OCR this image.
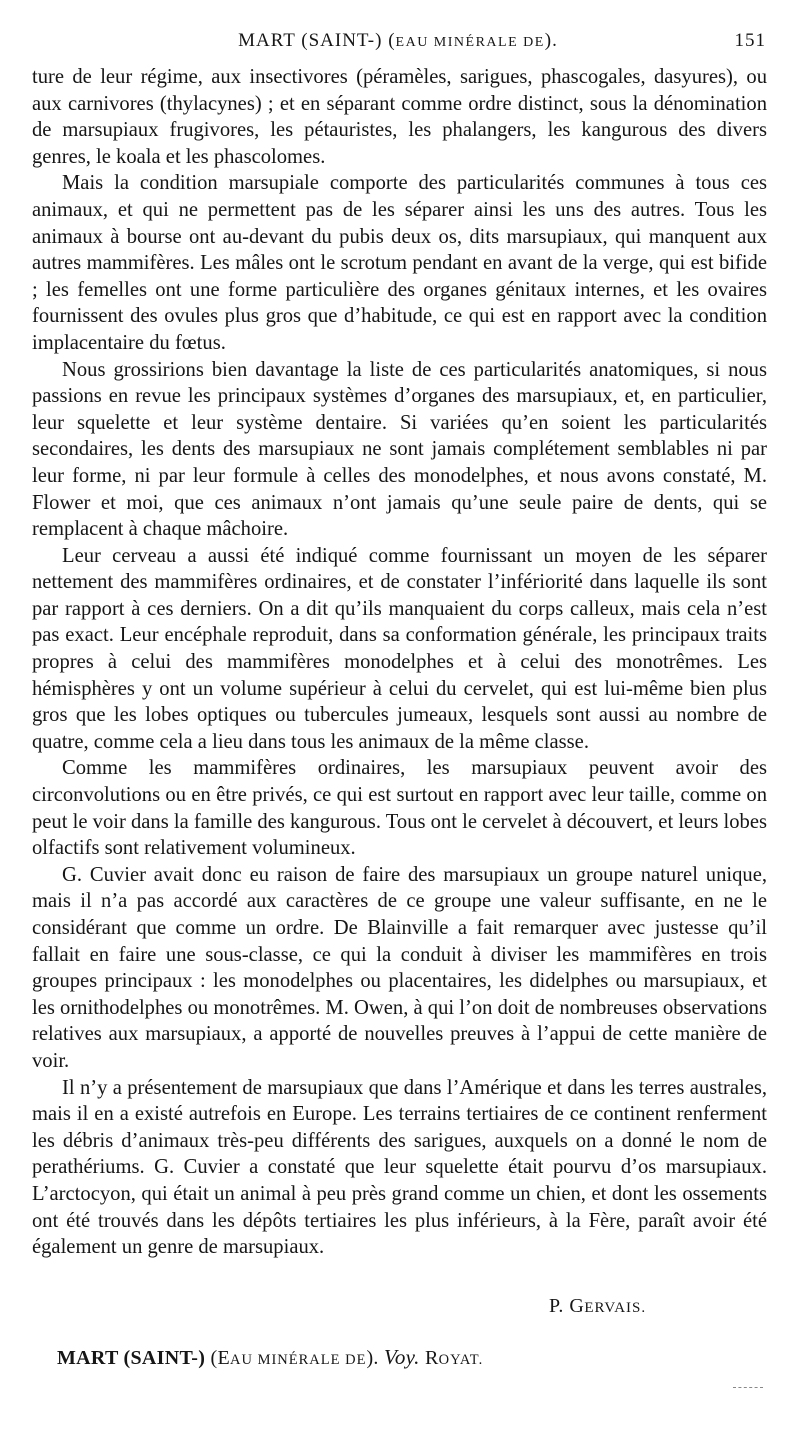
MART (SAINT-) (EAU MINÉRALE DE).	151

ture de leur régime, aux insectivores (péramèles, sarigues, phascogales, dasyures), ou aux carnivores (thylacynes) ; et en séparant comme ordre distinct, sous la dénomination de marsupiaux frugivores, les pétauristes, les phalangers, les kangurous des divers genres, le koala et les phascolomes.

Mais la condition marsupiale comporte des particularités communes à tous ces animaux, et qui ne permettent pas de les séparer ainsi les uns des autres. Tous les animaux à bourse ont au-devant du pubis deux os, dits marsupiaux, qui manquent aux autres mammifères. Les mâles ont le scrotum pendant en avant de la verge, qui est bifide ; les femelles ont une forme particulière des organes génitaux internes, et les ovaires fournissent des ovules plus gros que d’habitude, ce qui est en rapport avec la condition implacentaire du fœtus.

Nous grossirions bien davantage la liste de ces particularités anatomiques, si nous passions en revue les principaux systèmes d’organes des marsupiaux, et, en particulier, leur squelette et leur système dentaire. Si variées qu’en soient les particularités secondaires, les dents des marsupiaux ne sont jamais complétement semblables ni par leur forme, ni par leur formule à celles des monodelphes, et nous avons constaté, M. Flower et moi, que ces animaux n’ont jamais qu’une seule paire de dents, qui se remplacent à chaque mâchoire.

Leur cerveau a aussi été indiqué comme fournissant un moyen de les séparer nettement des mammifères ordinaires, et de constater l’infériorité dans laquelle ils sont par rapport à ces derniers. On a dit qu’ils manquaient du corps calleux, mais cela n’est pas exact. Leur encéphale reproduit, dans sa conformation générale, les principaux traits propres à celui des mammifères monodelphes et à celui des monotrêmes. Les hémisphères y ont un volume supérieur à celui du cervelet, qui est lui-même bien plus gros que les lobes optiques ou tubercules jumeaux, lesquels sont aussi au nombre de quatre, comme cela a lieu dans tous les animaux de la même classe.

Comme les mammifères ordinaires, les marsupiaux peuvent avoir des circonvolutions ou en être privés, ce qui est surtout en rapport avec leur taille, comme on peut le voir dans la famille des kangurous. Tous ont le cervelet à découvert, et leurs lobes olfactifs sont relativement volumineux.

G. Cuvier avait donc eu raison de faire des marsupiaux un groupe naturel unique, mais il n’a pas accordé aux caractères de ce groupe une valeur suffisante, en ne le considérant que comme un ordre. De Blainville a fait remarquer avec justesse qu’il fallait en faire une sous-classe, ce qui la conduit à diviser les mammifères en trois groupes principaux : les monodelphes ou placentaires, les didelphes ou marsupiaux, et les ornithodelphes ou monotrêmes. M. Owen, à qui l’on doit de nombreuses observations relatives aux marsupiaux, a apporté de nouvelles preuves à l’appui de cette manière de voir.

Il n’y a présentement de marsupiaux que dans l’Amérique et dans les terres australes, mais il en a existé autrefois en Europe. Les terrains tertiaires de ce continent renferment les débris d’animaux très-peu différents des sarigues, auxquels on a donné le nom de perathériums. G. Cuvier a constaté que leur squelette était pourvu d’os marsupiaux. L’arctocyon, qui était un animal à peu près grand comme un chien, et dont les ossements ont été trouvés dans les dépôts tertiaires les plus inférieurs, à la Fère, paraît avoir été également un genre de marsupiaux.

P. GERVAIS.
MART (SAINT-) (EAU MINÉRALE DE). Voy. ROYAT.
